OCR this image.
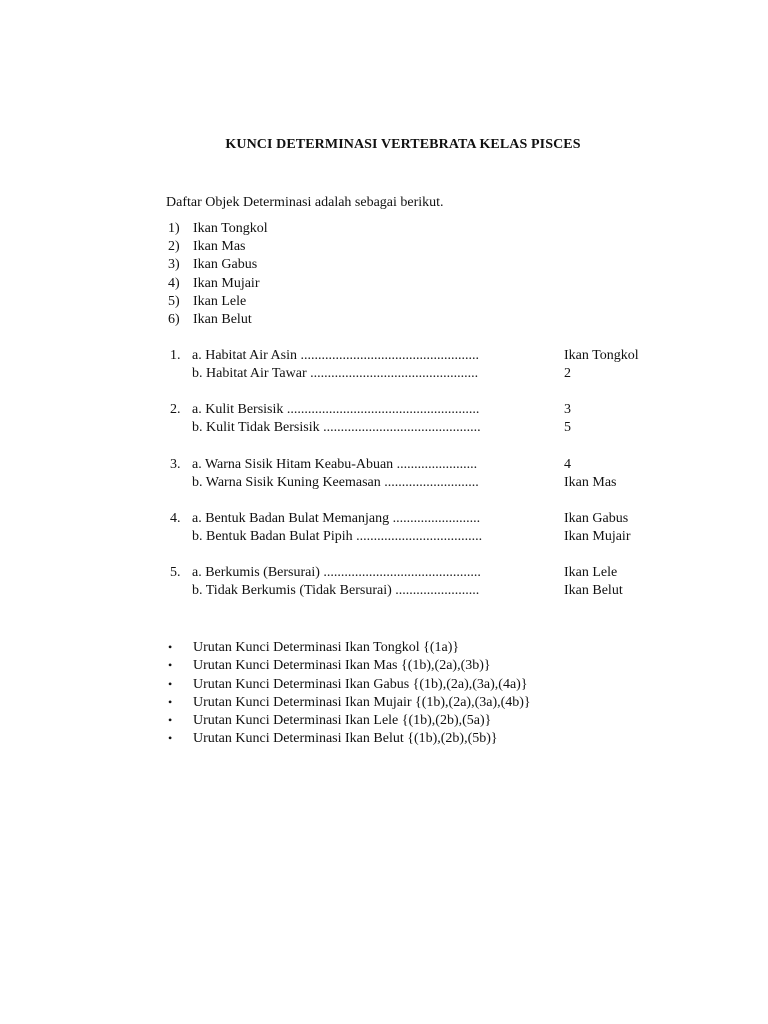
KUNCI DETERMINASI VERTEBRATA KELAS PISCES
Daftar Objek Determinasi adalah sebagai berikut.
1) Ikan Tongkol
2) Ikan Mas
3) Ikan Gabus
4) Ikan Mujair
5) Ikan Lele
6) Ikan Belut
1. a. Habitat Air Asin ...................................................	Ikan Tongkol
b. Habitat Air Tawar ................................................	2
2. a. Kulit Bersisik .......................................................	3
b. Kulit Tidak Bersisik .............................................	5
3. a. Warna Sisik Hitam Keabu-Abuan .......................	4
b. Warna Sisik Kuning Keemasan ...........................	Ikan Mas
4. a. Bentuk Badan Bulat Memanjang .........................	Ikan Gabus
b. Bentuk Badan Bulat Pipih ....................................	Ikan Mujair
5. a. Berkumis (Bersurai) .............................................	Ikan Lele
b. Tidak Berkumis (Tidak Bersurai) ........................	Ikan Belut
• Urutan Kunci Determinasi Ikan Tongkol {(1a)}
• Urutan Kunci Determinasi Ikan Mas {(1b),(2a),(3b)}
• Urutan Kunci Determinasi Ikan Gabus {(1b),(2a),(3a),(4a)}
• Urutan Kunci Determinasi Ikan Mujair {(1b),(2a),(3a),(4b)}
• Urutan Kunci Determinasi Ikan Lele {(1b),(2b),(5a)}
• Urutan Kunci Determinasi Ikan Belut {(1b),(2b),(5b)}
